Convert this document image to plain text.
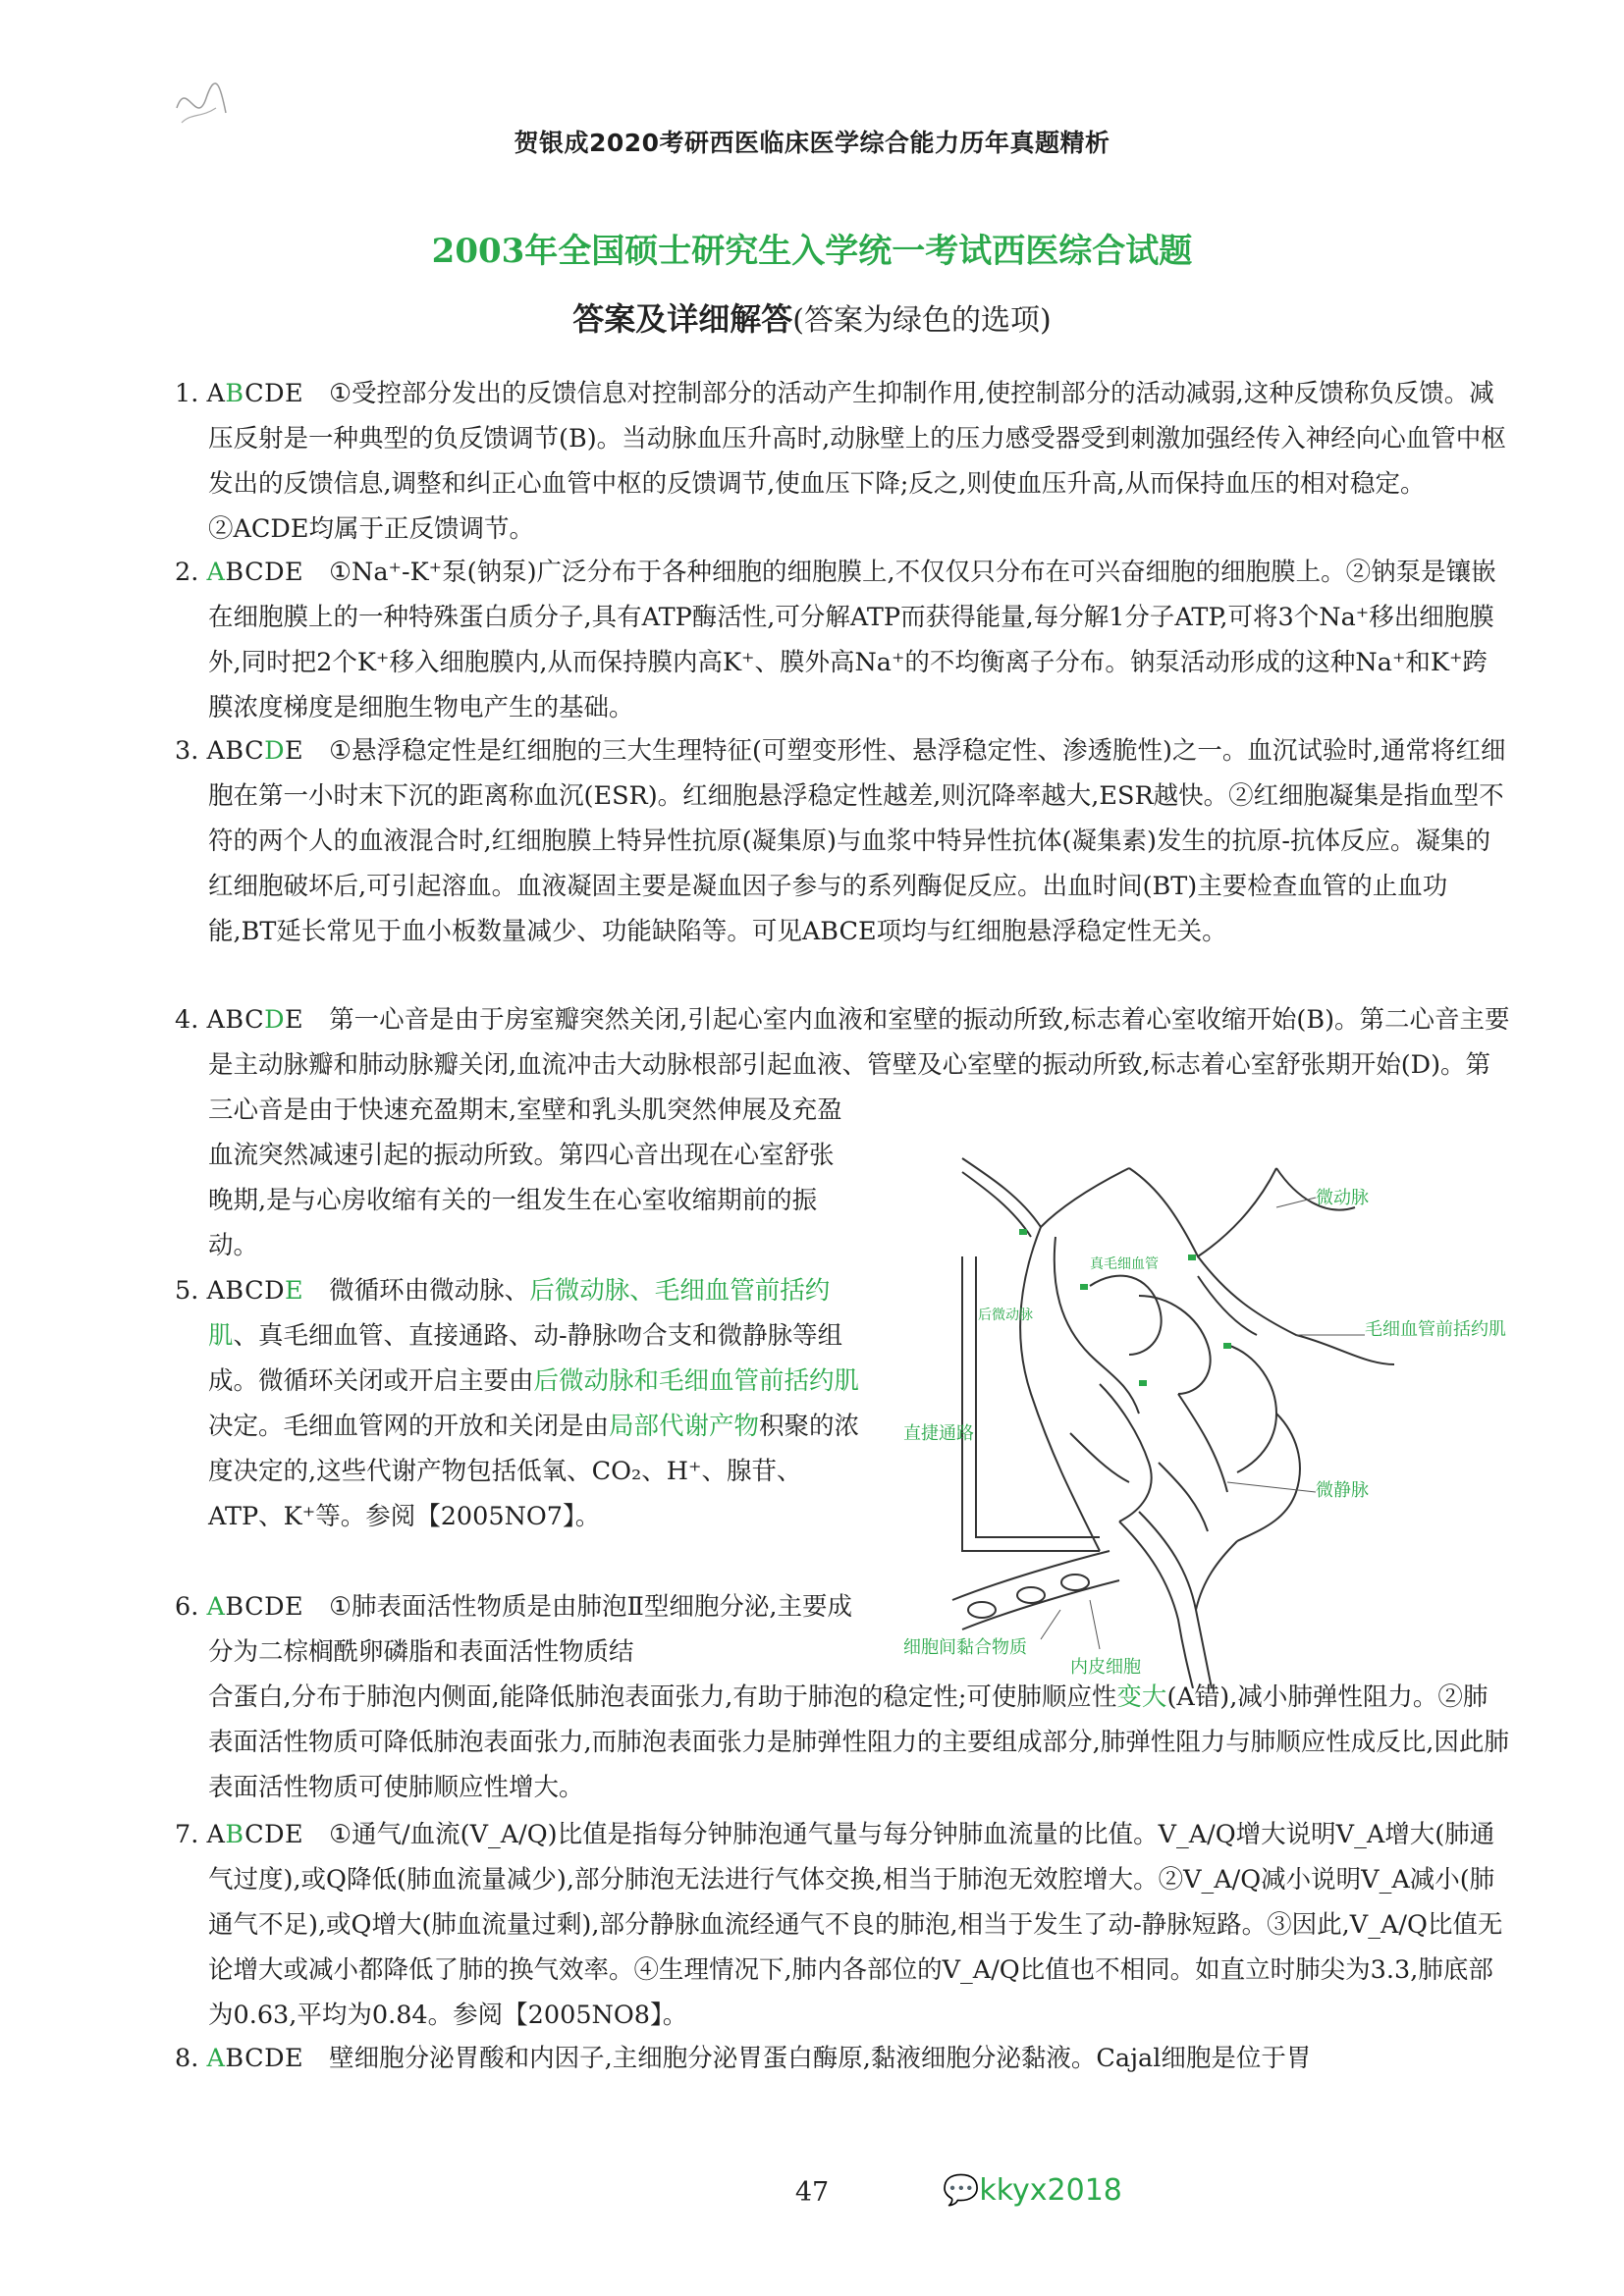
贺银成2020考研西医临床医学综合能力历年真题精析
2003年全国硕士研究生入学统一考试西医综合试题
答案及详细解答(答案为绿色的选项)

1. ABCDE ①受控部分发出的反馈信息对控制部分的活动产生抑制作用,使控制部分的活动减弱,这种反馈称负反馈。减压反射是一种典型的负反馈调节(B)。当动脉血压升高时,动脉壁上的压力感受器受到刺激加强经传入神经向心血管中枢发出的反馈信息,调整和纠正心血管中枢的反馈调节,使血压下降;反之,则使血压升高,从而保持血压的相对稳定。②ACDE均属于正反馈调节。

2. ABCDE ①Na⁺-K⁺泵(钠泵)广泛分布于各种细胞的细胞膜上,不仅仅只分布在可兴奋细胞的细胞膜上。②钠泵是镶嵌在细胞膜上的一种特殊蛋白质分子,具有ATP酶活性,可分解ATP而获得能量,每分解1分子ATP,可将3个Na⁺移出细胞膜外,同时把2个K⁺移入细胞膜内,从而保持膜内高K⁺、膜外高Na⁺的不均衡离子分布。钠泵活动形成的这种Na⁺和K⁺跨膜浓度梯度是细胞生物电产生的基础。

3. ABCDE ①悬浮稳定性是红细胞的三大生理特征(可塑变形性、悬浮稳定性、渗透脆性)之一。血沉试验时,通常将红细胞在第一小时末下沉的距离称血沉(ESR)。红细胞悬浮稳定性越差,则沉降率越大,ESR越快。②红细胞凝集是指血型不符的两个人的血液混合时,红细胞膜上特异性抗原(凝集原)与血浆中特异性抗体(凝集素)发生的抗原-抗体反应。凝集的红细胞破坏后,可引起溶血。血液凝固主要是凝血因子参与的系列酶促反应。出血时间(BT)主要检查血管的止血功能,BT延长常见于血小板数量减少、功能缺陷等。可见ABCE项均与红细胞悬浮稳定性无关。

4. ABCDE 第一心音是由于房室瓣突然关闭,引起心室内血液和室壁的振动所致,标志着心室收缩开始(B)。第二心音主要是主动脉瓣和肺动脉瓣关闭,血流冲击大动脉根部引起血液、管壁及心室壁的振动所致,标志着心室舒张期开始(D)。第三心音是由于快速充盈期末,室壁和乳头肌突然伸展及充盈

血流突然减速引起的振动所致。第四心音出现在心室舒张晚期,是与心房收缩有关的一组发生在心室收缩期前的振动。

5. ABCDE 微循环由微动脉、后微动脉、毛细血管前括约肌、真毛细血管、直接通路、动-静脉吻合支和微静脉等组成。微循环关闭或开启主要由后微动脉和毛细血管前括约肌决定。毛细血管网的开放和关闭是由局部代谢产物积聚的浓度决定的,这些代谢产物包括低氧、CO₂、H⁺、腺苷、ATP、K⁺等。参阅【2005NO7】。

6. ABCDE ①肺表面活性物质是由肺泡Ⅱ型细胞分泌,主要成分为二棕榈酰卵磷脂和表面活性物质结

合蛋白,分布于肺泡内侧面,能降低肺泡表面张力,有助于肺泡的稳定性;可使肺顺应性变大(A错),减小肺弹性阻力。②肺表面活性物质可降低肺泡表面张力,而肺泡表面张力是肺弹性阻力的主要组成部分,肺弹性阻力与肺顺应性成反比,因此肺表面活性物质可使肺顺应性增大。

7. ABCDE ①通气/血流(V_A/Q)比值是指每分钟肺泡通气量与每分钟肺血流量的比值。V_A/Q增大说明V_A增大(肺通气过度),或Q降低(肺血流量减少),部分肺泡无法进行气体交换,相当于肺泡无效腔增大。②V_A/Q减小说明V_A减小(肺通气不足),或Q增大(肺血流量过剩),部分静脉血流经通气不良的肺泡,相当于发生了动-静脉短路。③因此,V_A/Q比值无论增大或减小都降低了肺的换气效率。④生理情况下,肺内各部位的V_A/Q比值也不相同。如直立时肺尖为3.3,肺底部为0.63,平均为0.84。参阅【2005NO8】。

8. ABCDE 壁细胞分泌胃酸和内因子,主细胞分泌胃蛋白酶原,黏液细胞分泌黏液。Cajal细胞是位于胃

微动脉
真毛细血管
后微动脉
毛细血管前括约肌
直捷通路
微静脉
细胞间黏合物质
内皮细胞
47	💬kkyx2018
